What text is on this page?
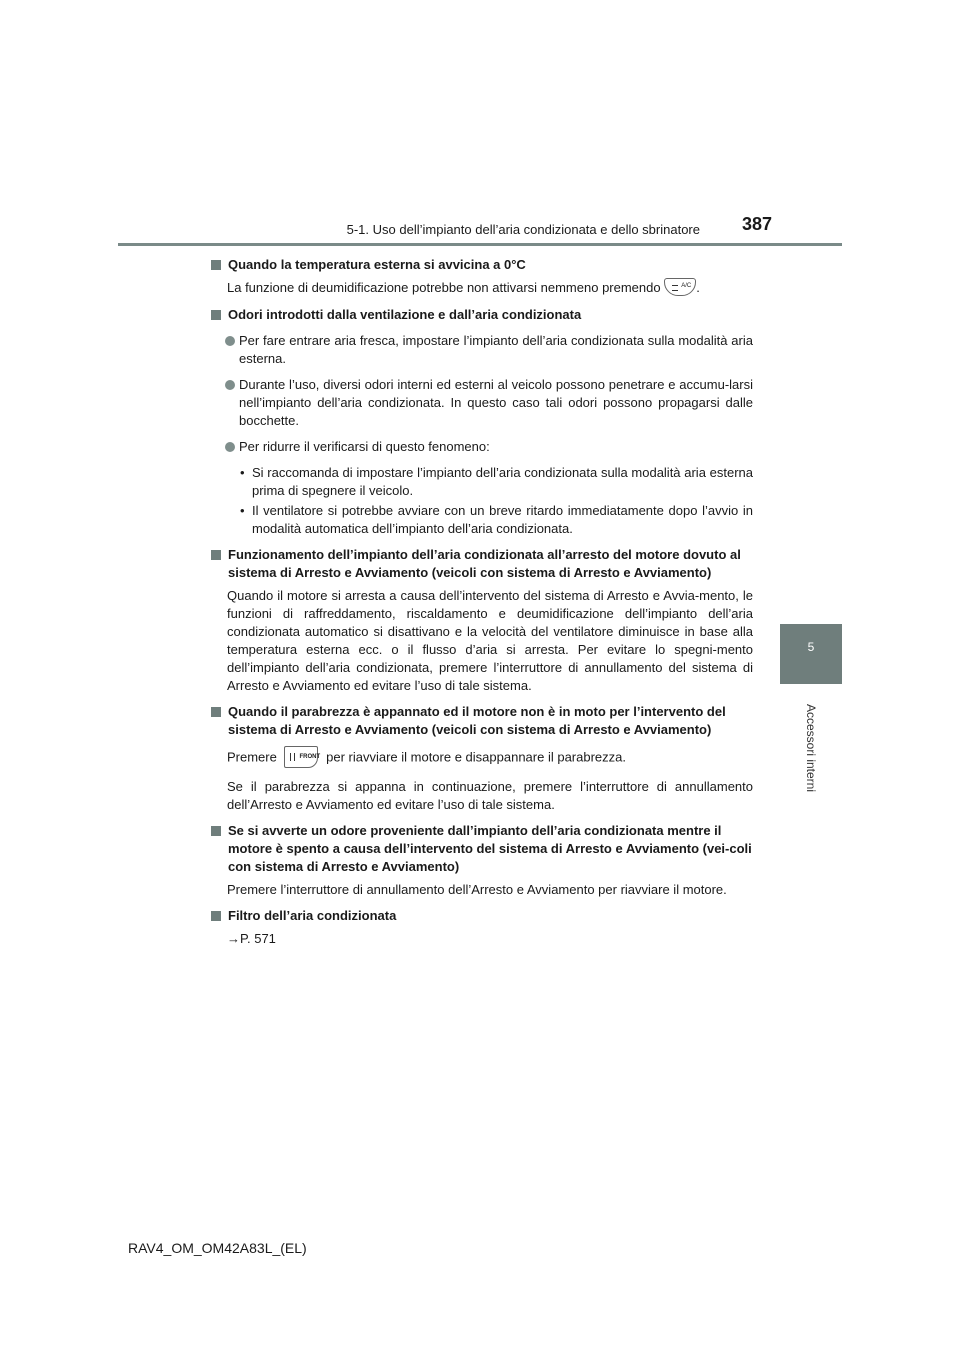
5-1. Uso dell’impianto dell’aria condizionata e dello sbrinatore 387
5
Accessori interni
Quando la temperatura esterna si avvicina a 0°C
La funzione di deumidificazione potrebbe non attivarsi nemmeno premendo	A/C .
Odori introdotti dalla ventilazione e dall’aria condizionata
Per fare entrare aria fresca, impostare l’impianto dell’aria condizionata sulla modalità aria esterna.
Durante l’uso, diversi odori interni ed esterni al veicolo possono penetrare e accumu-larsi nell’impianto dell’aria condizionata. In questo caso tali odori possono propagarsi dalle bocchette.
Per ridurre il verificarsi di questo fenomeno:
• Si raccomanda di impostare l’impianto dell’aria condizionata sulla modalità aria esterna prima di spegnere il veicolo.
• Il ventilatore si potrebbe avviare con un breve ritardo immediatamente dopo l’avvio in modalità automatica dell’impianto dell’aria condizionata.
Funzionamento dell’impianto dell’aria condizionata all’arresto del motore dovuto al sistema di Arresto e Avviamento (veicoli con sistema di Arresto e Avviamento)
Quando il motore si arresta a causa dell’intervento del sistema di Arresto e Avvia-mento, le funzioni di raffreddamento, riscaldamento e deumidificazione dell’impianto dell’aria condizionata automatico si disattivano e la velocità del ventilatore diminuisce in base alla temperatura esterna ecc. o il flusso d’aria si arresta. Per evitare lo spegni-mento dell’impianto dell’aria condizionata, premere l’interruttore di annullamento del sistema di Arresto e Avviamento ed evitare l’uso di tale sistema.
Quando il parabrezza è appannato ed il motore non è in moto per l’intervento del sistema di Arresto e Avviamento (veicoli con sistema di Arresto e Avviamento)
Premere	FRONT per riavviare il motore e disappannare il parabrezza.
Se il parabrezza si appanna in continuazione, premere l’interruttore di annullamento dell’Arresto e Avviamento ed evitare l’uso di tale sistema.
Se si avverte un odore proveniente dall’impianto dell’aria condizionata mentre il motore è spento a causa dell’intervento del sistema di Arresto e Avviamento (vei-coli con sistema di Arresto e Avviamento)
Premere l’interruttore di annullamento dell’Arresto e Avviamento per riavviare il motore.
Filtro dell’aria condizionata
→P. 571
RAV4_OM_OM42A83L_(EL)
